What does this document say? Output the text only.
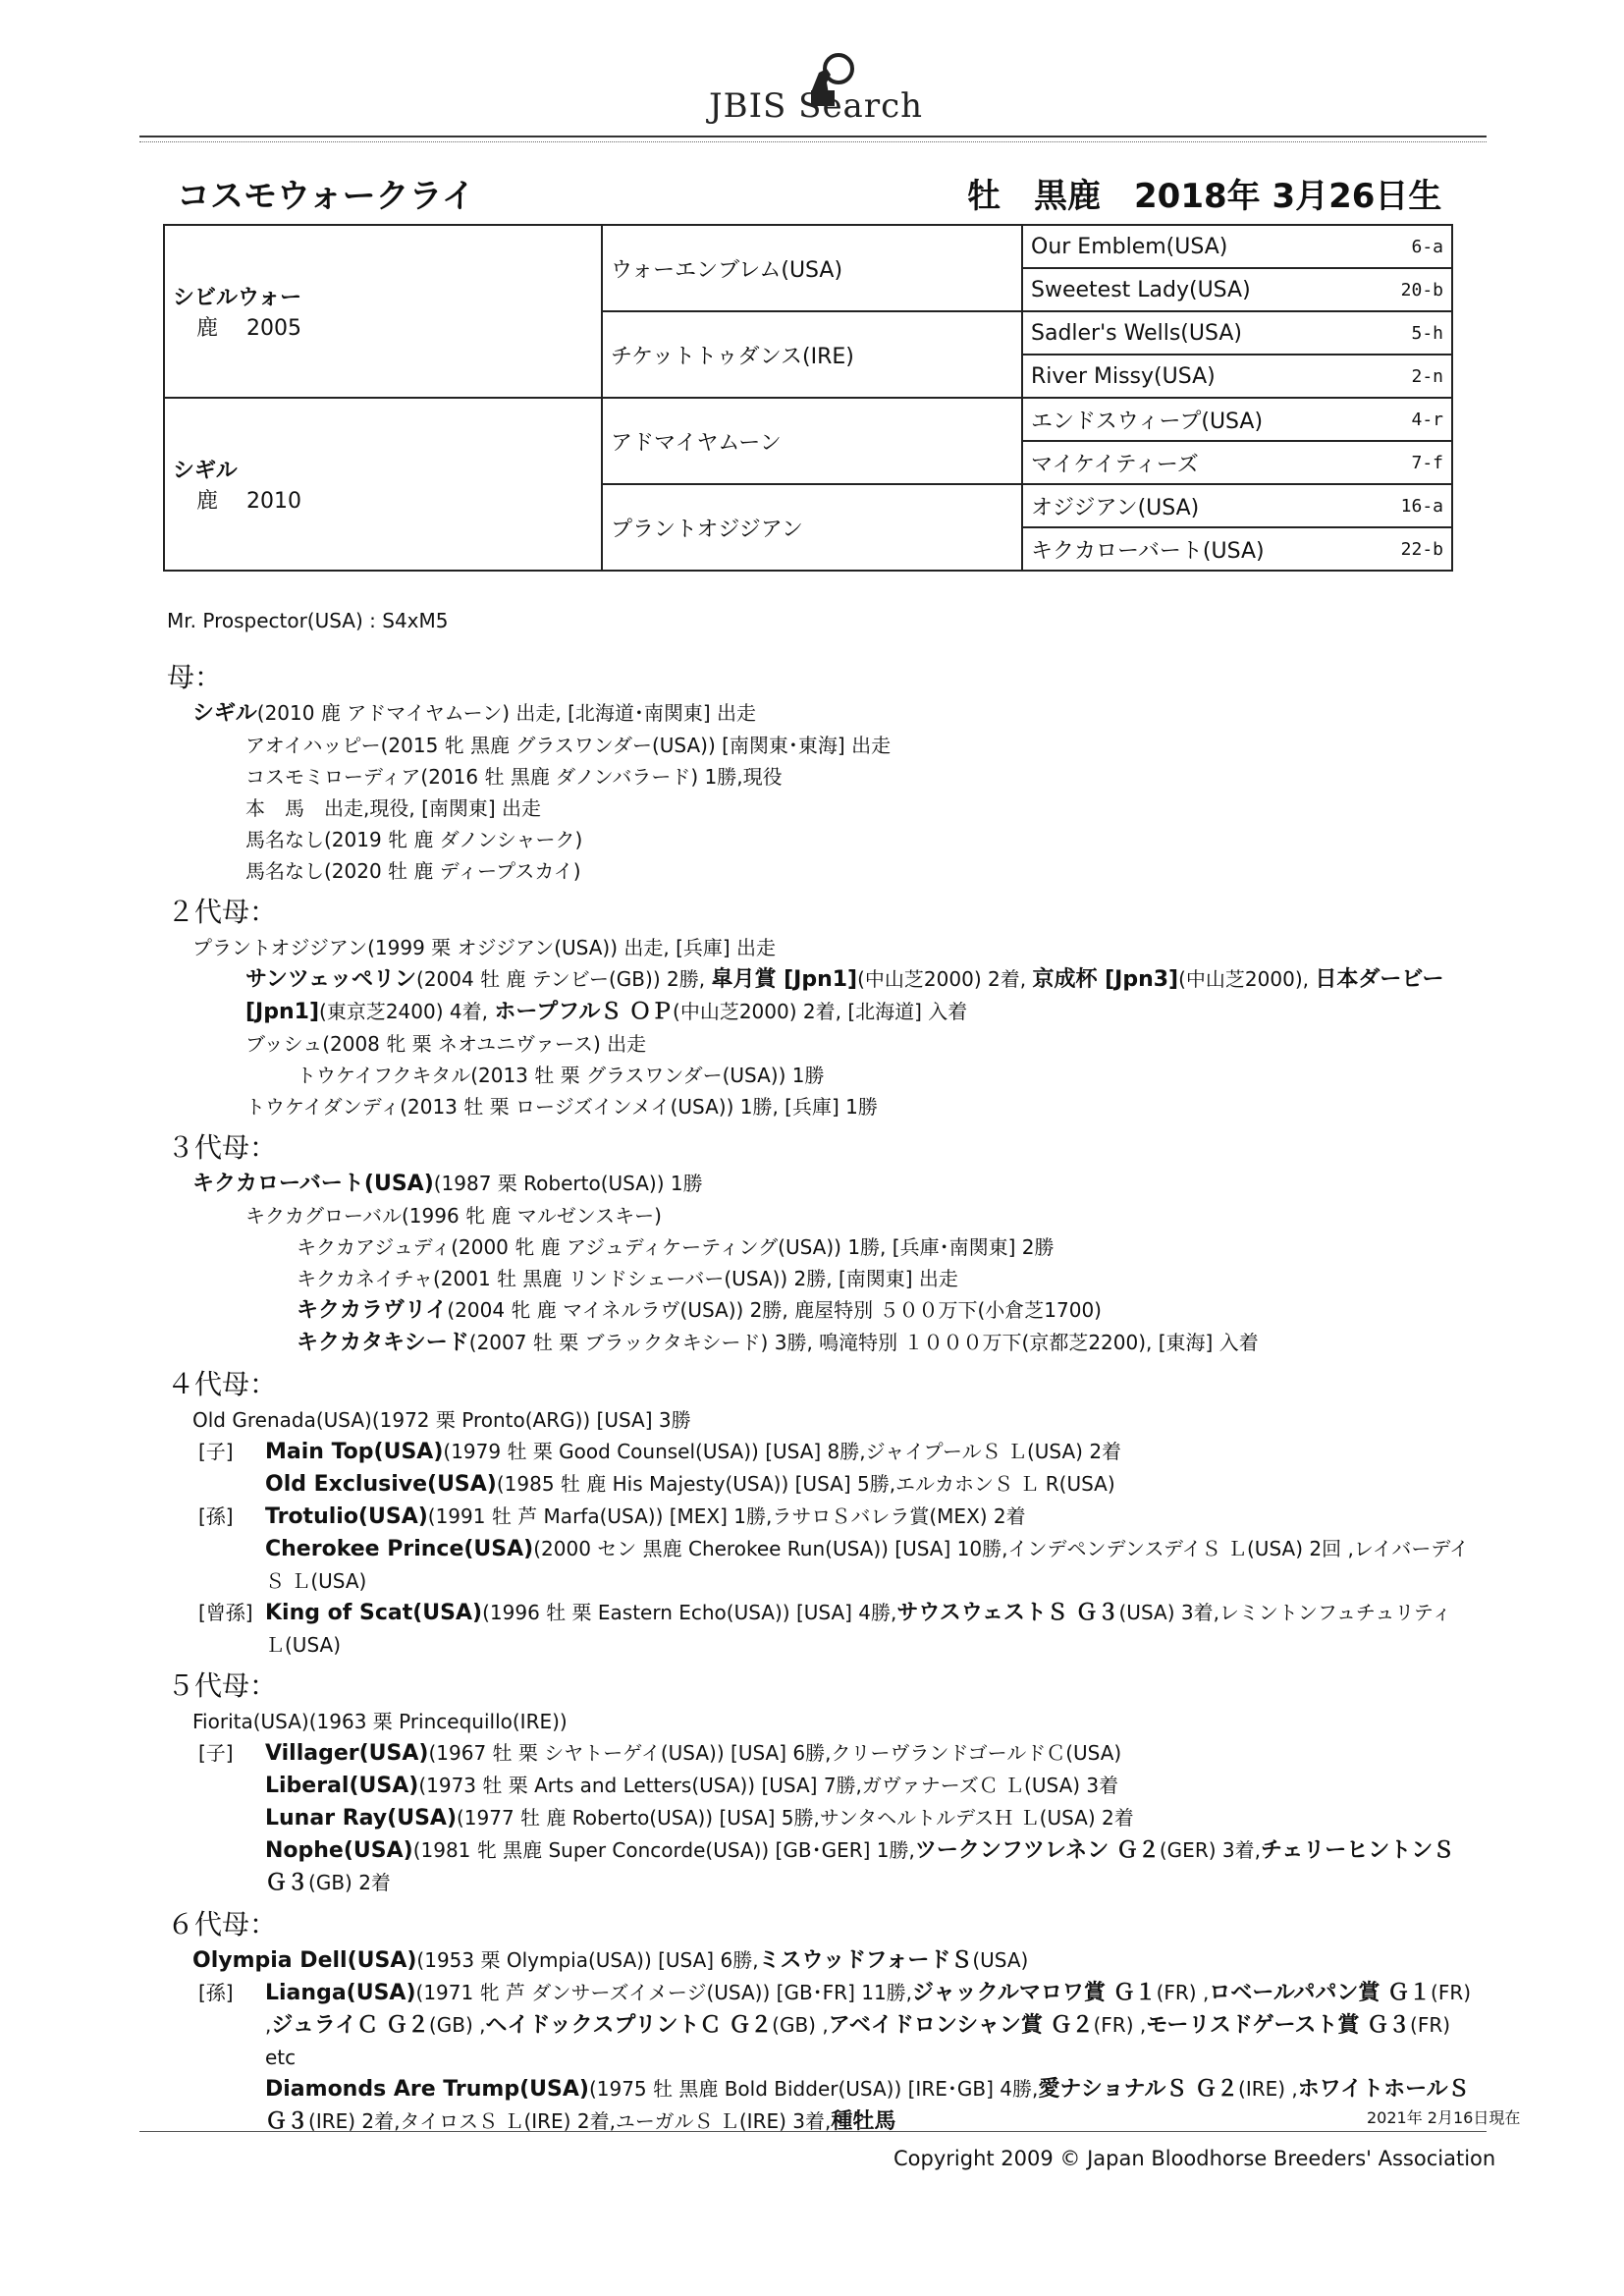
JBIS Search
コスモウォークライ	牡　黒鹿　2018年 3月26日生
シビルウォー
鹿　 2005	ウォーエンブレム(USA)	Our Emblem(USA) 6-a

		Sweetest Lady(USA) 20-b

	チケットトゥダンス(IRE)	Sadler's Wells(USA) 5-h

		River Missy(USA) 2-n

シギル
鹿　 2010	アドマイヤムーン	エンドスウィープ(USA) 4-r

		マイケイティーズ 7-f

	プラントオジジアン	オジジアン(USA) 16-a

		キクカローバート(USA) 22-b
Mr. Prospector(USA) : S4xM5
母：
シギル(2010 鹿 アドマイヤムーン) 出走, [北海道･南関東] 出走
アオイハッピー(2015 牝 黒鹿 グラスワンダー(USA)) [南関東･東海] 出走
コスモミローディア(2016 牡 黒鹿 ダノンバラード) 1勝,現役
本　馬　出走,現役, [南関東] 出走
馬名なし(2019 牝 鹿 ダノンシャーク)
馬名なし(2020 牡 鹿 ディープスカイ)
２代母：
プラントオジジアン(1999 栗 オジジアン(USA)) 出走, [兵庫] 出走
サンツェッペリン(2004 牡 鹿 テンビー(GB)) 2勝, 皐月賞 [Jpn1](中山芝2000) 2着, 京成杯 [Jpn3](中山芝2000), 日本ダービー [Jpn1](東京芝2400) 4着, ホープフルＳ ＯＰ(中山芝2000) 2着, [北海道] 入着
ブッシュ(2008 牝 栗 ネオユニヴァース) 出走
トウケイフクキタル(2013 牡 栗 グラスワンダー(USA)) 1勝
トウケイダンディ(2013 牡 栗 ロージズインメイ(USA)) 1勝, [兵庫] 1勝
３代母：
キクカローバート(USA)(1987 栗 Roberto(USA)) 1勝
キクカグローバル(1996 牝 鹿 マルゼンスキー)
キクカアジュディ(2000 牝 鹿 アジュディケーティング(USA)) 1勝, [兵庫･南関東] 2勝
キクカネイチャ(2001 牡 黒鹿 リンドシェーバー(USA)) 2勝, [南関東] 出走
キクカラヴリイ(2004 牝 鹿 マイネルラヴ(USA)) 2勝, 鹿屋特別 ５００万下(小倉芝1700)
キクカタキシード(2007 牡 栗 ブラックタキシード) 3勝, 鳴滝特別 １０００万下(京都芝2200), [東海] 入着
４代母：
Old Grenada(USA)(1972 栗 Pronto(ARG)) [USA] 3勝
[子]	Main Top(USA)(1979 牡 栗 Good Counsel(USA)) [USA] 8勝,ジャイプールＳ Ｌ(USA) 2着
Old Exclusive(USA)(1985 牡 鹿 His Majesty(USA)) [USA] 5勝,エルカホンＳ Ｌ R(USA)
[孫]	Trotulio(USA)(1991 牡 芦 Marfa(USA)) [MEX] 1勝,ラサロＳバレラ賞(MEX) 2着
Cherokee Prince(USA)(2000 セン 黒鹿 Cherokee Run(USA)) [USA] 10勝,インデペンデンスデイＳ Ｌ(USA) 2回 ,レイバーデイＳ Ｌ(USA)
[曾孫] King of Scat(USA)(1996 牡 栗 Eastern Echo(USA)) [USA] 4勝,サウスウェストＳ Ｇ３(USA) 3着,レミントンフュチュリティ Ｌ(USA)
５代母：
Fiorita(USA)(1963 栗 Princequillo(IRE))
[子]	Villager(USA)(1967 牡 栗 シヤトーゲイ(USA)) [USA] 6勝,クリーヴランドゴールドＣ(USA)
Liberal(USA)(1973 牡 栗 Arts and Letters(USA)) [USA] 7勝,ガヴァナーズＣ Ｌ(USA) 3着
Lunar Ray(USA)(1977 牡 鹿 Roberto(USA)) [USA] 5勝,サンタヘルトルデスＨ Ｌ(USA) 2着
Nophe(USA)(1981 牝 黒鹿 Super Concorde(USA)) [GB･GER] 1勝,ツークンフツレネン Ｇ２(GER) 3着,チェリーヒントンＳ Ｇ３(GB) 2着
６代母：
Olympia Dell(USA)(1953 栗 Olympia(USA)) [USA] 6勝,ミスウッドフォードＳ(USA)
[孫]	Lianga(USA)(1971 牝 芦 ダンサーズイメージ(USA)) [GB･FR] 11勝,ジャックルマロワ賞 Ｇ１(FR) ,ロベールパパン賞 Ｇ１(FR) ,ジュライＣ Ｇ２(GB) ,ヘイドックスプリントＣ Ｇ２(GB) ,アベイドロンシャン賞 Ｇ２(FR) ,モーリスドゲースト賞 Ｇ３(FR) etc
Diamonds Are Trump(USA)(1975 牡 黒鹿 Bold Bidder(USA)) [IRE･GB] 4勝,愛ナショナルＳ Ｇ２(IRE) ,ホワイトホールＳ Ｇ３(IRE) 2着,タイロスＳ Ｌ(IRE) 2着,ユーガルＳ Ｌ(IRE) 3着,種牡馬	2021年 2月16日現在
Copyright 2009 © Japan Bloodhorse Breeders' Association
